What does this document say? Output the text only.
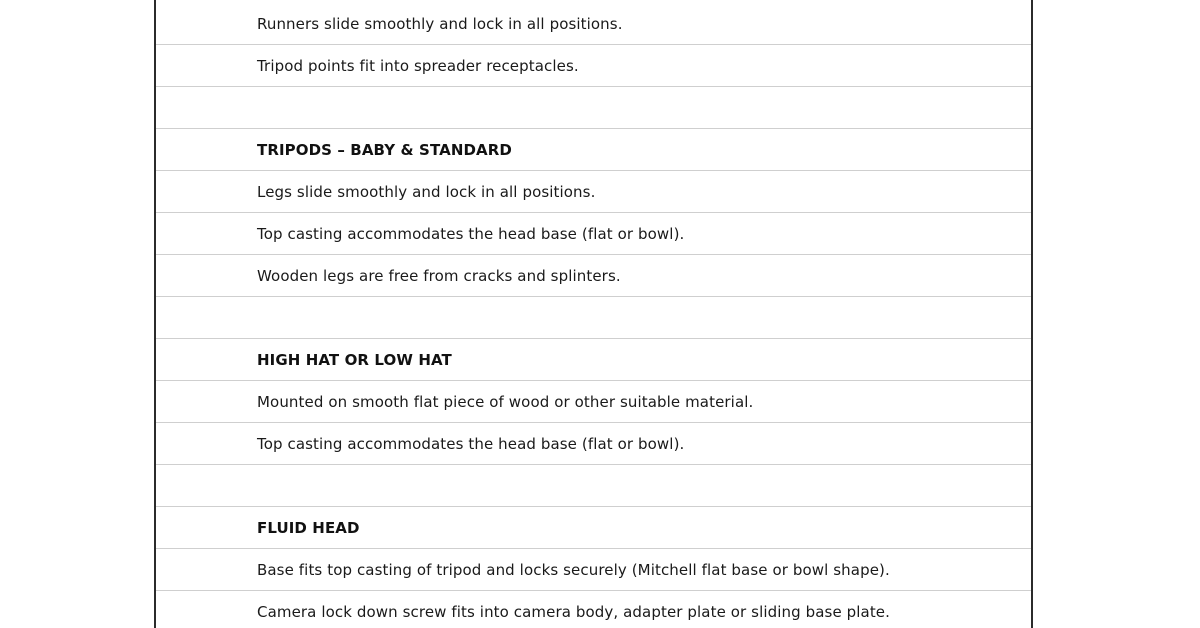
Runners slide smoothly and lock in all positions.
Tripod points fit into spreader receptacles.
TRIPODS – BABY & STANDARD
Legs slide smoothly and lock in all positions.
Top casting accommodates the head base (flat or bowl).
Wooden legs are free from cracks and splinters.
HIGH HAT OR LOW HAT
Mounted on smooth flat piece of wood or other suitable material.
Top casting accommodates the head base (flat or bowl).
FLUID HEAD
Base fits top casting of tripod and locks securely (Mitchell flat base or bowl shape).
Camera lock down screw fits into camera body, adapter plate or sliding base plate.
